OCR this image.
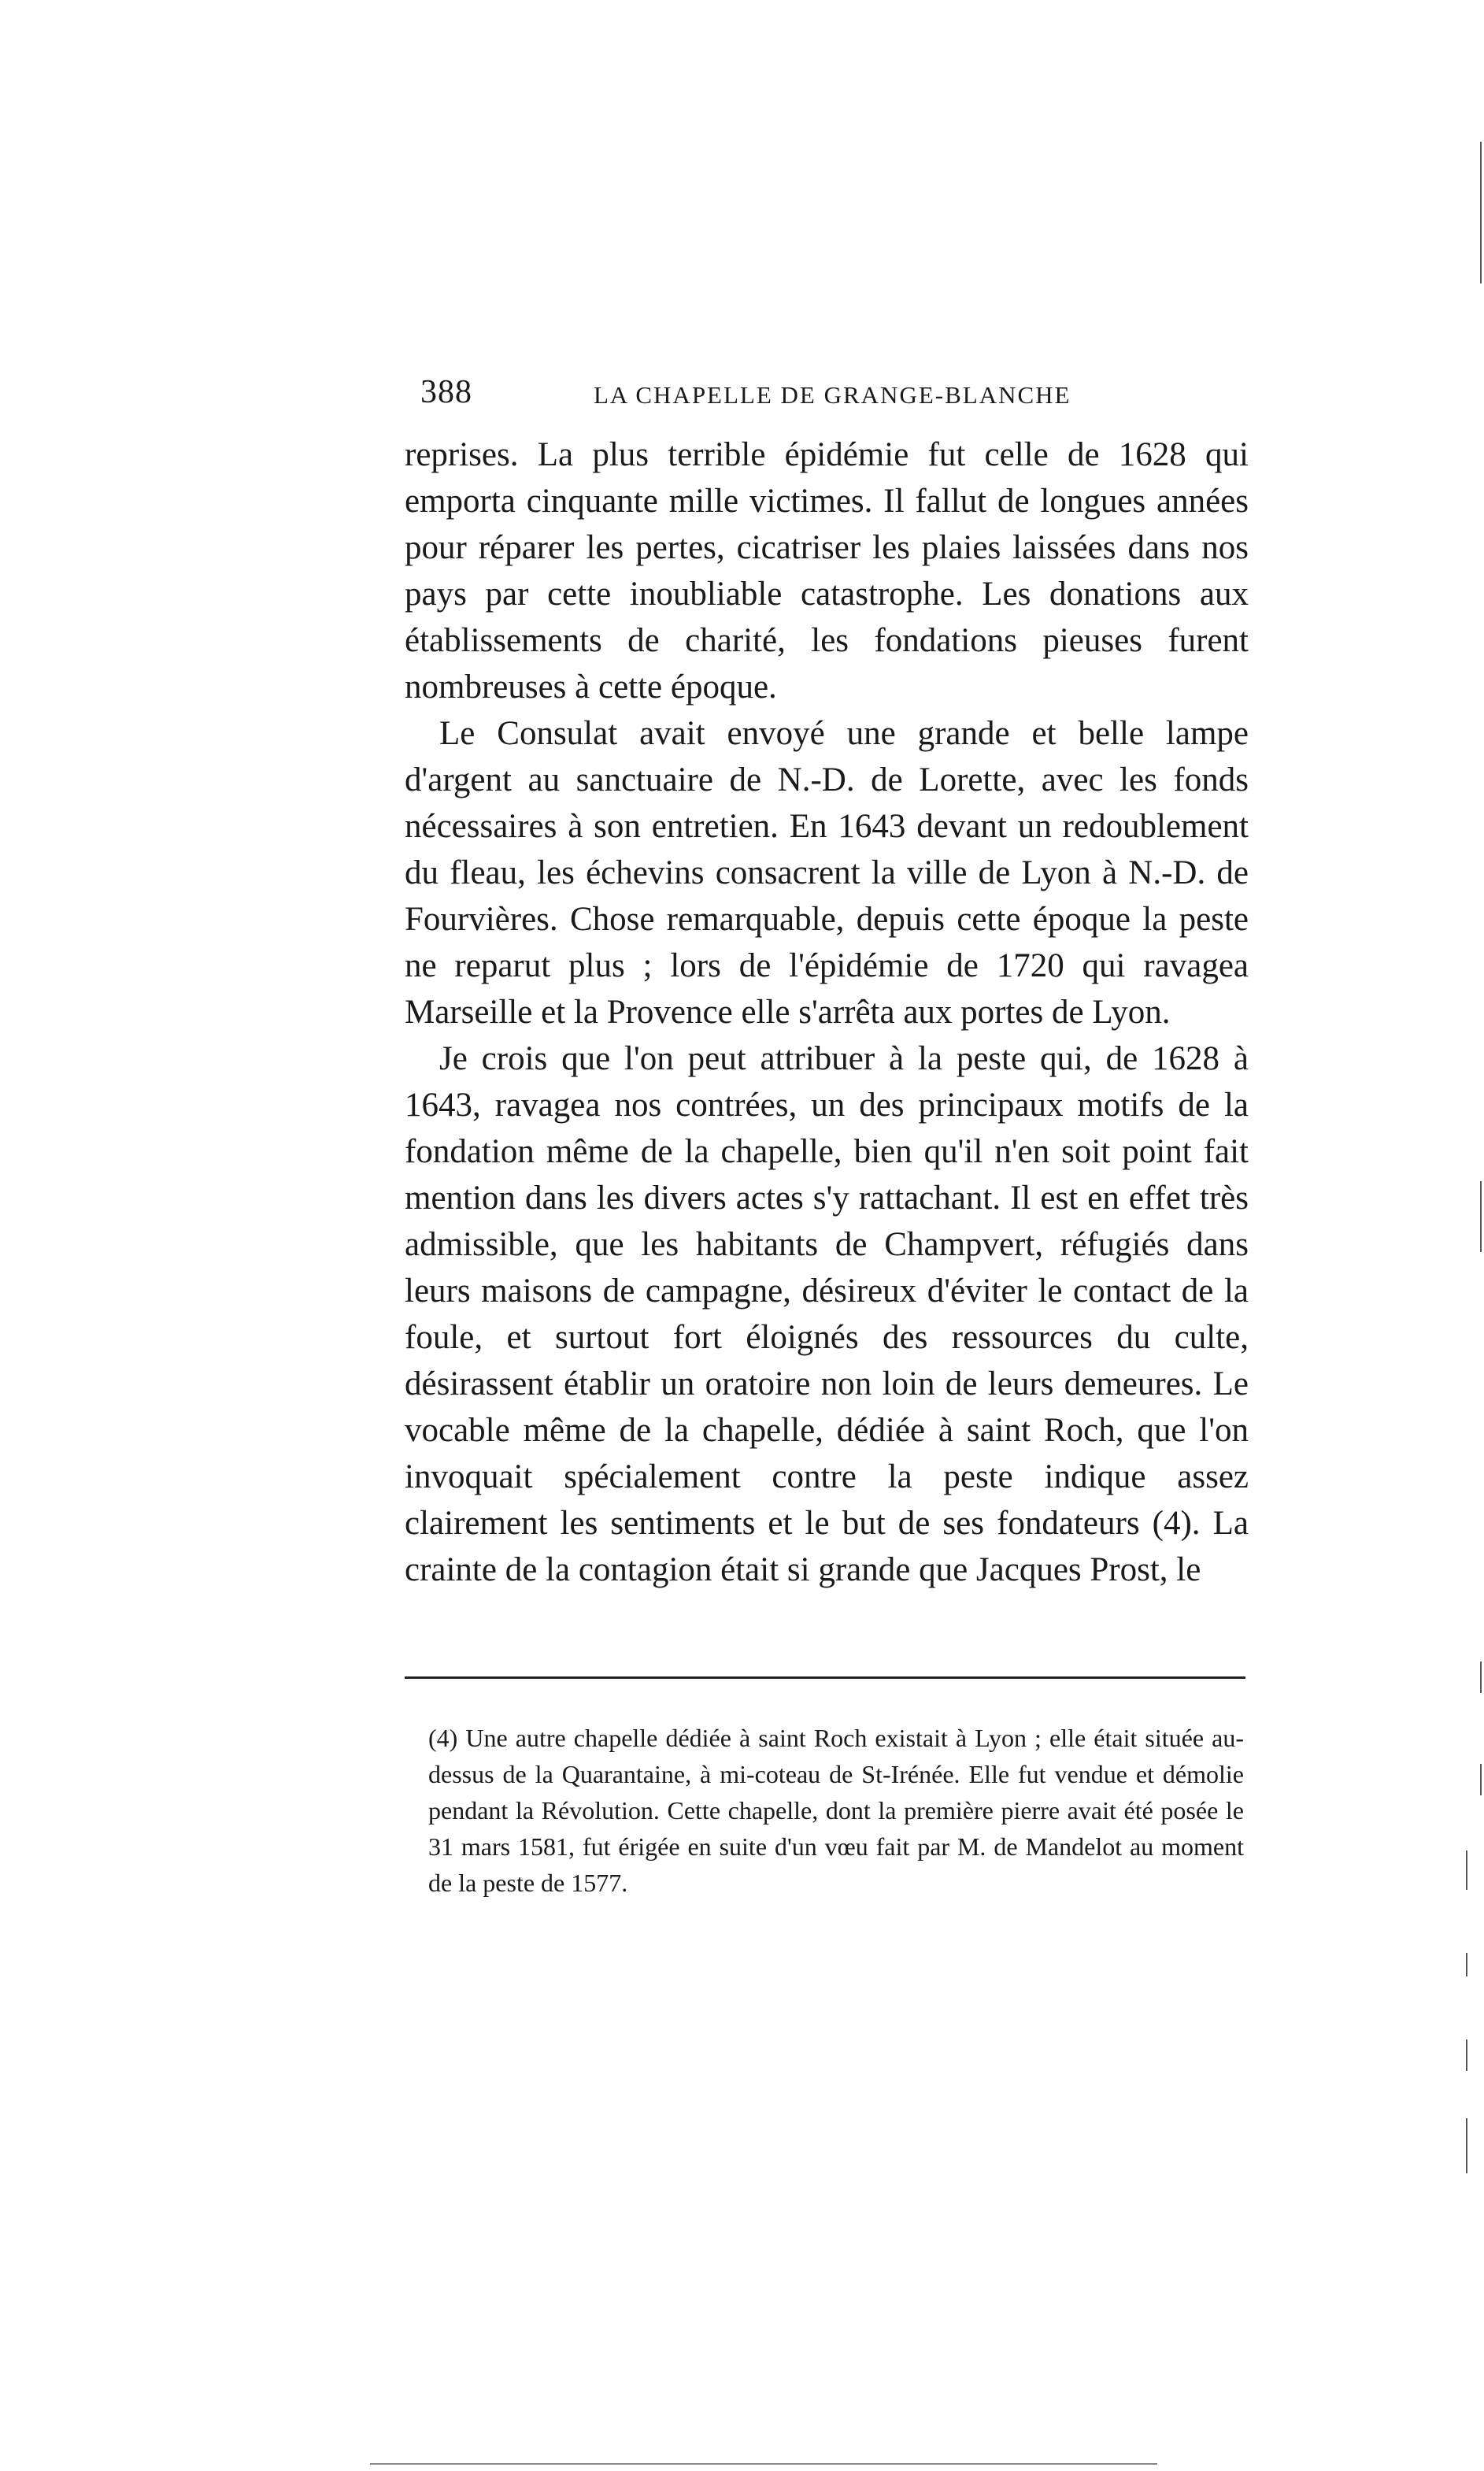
388	LA CHAPELLE DE GRANGE-BLANCHE

reprises. La plus terrible épidémie fut celle de 1628 qui emporta cinquante mille victimes. Il fallut de longues années pour réparer les pertes, cicatriser les plaies laissées dans nos pays par cette inoubliable catastrophe. Les donations aux établissements de charité, les fondations pieuses furent nombreuses à cette époque.

Le Consulat avait envoyé une grande et belle lampe d'argent au sanctuaire de N.-D. de Lorette, avec les fonds nécessaires à son entretien. En 1643 devant un redoublement du fleau, les échevins consacrent la ville de Lyon à N.-D. de Fourvières. Chose remarquable, depuis cette époque la peste ne reparut plus ; lors de l'épidémie de 1720 qui ravagea Marseille et la Provence elle s'arrêta aux portes de Lyon.

Je crois que l'on peut attribuer à la peste qui, de 1628 à 1643, ravagea nos contrées, un des principaux motifs de la fondation même de la chapelle, bien qu'il n'en soit point fait mention dans les divers actes s'y rattachant. Il est en effet très admissible, que les habitants de Champvert, réfugiés dans leurs maisons de campagne, désireux d'éviter le contact de la foule, et surtout fort éloignés des ressources du culte, désirassent établir un oratoire non loin de leurs demeures. Le vocable même de la chapelle, dédiée à saint Roch, que l'on invoquait spécialement contre la peste indique assez clairement les sentiments et le but de ses fondateurs (4). La crainte de la contagion était si grande que Jacques Prost, le

(4) Une autre chapelle dédiée à saint Roch existait à Lyon ; elle était située au-dessus de la Quarantaine, à mi-coteau de St-Irénée. Elle fut vendue et démolie pendant la Révolution. Cette chapelle, dont la première pierre avait été posée le 31 mars 1581, fut érigée en suite d'un vœu fait par M. de Mandelot au moment de la peste de 1577.
